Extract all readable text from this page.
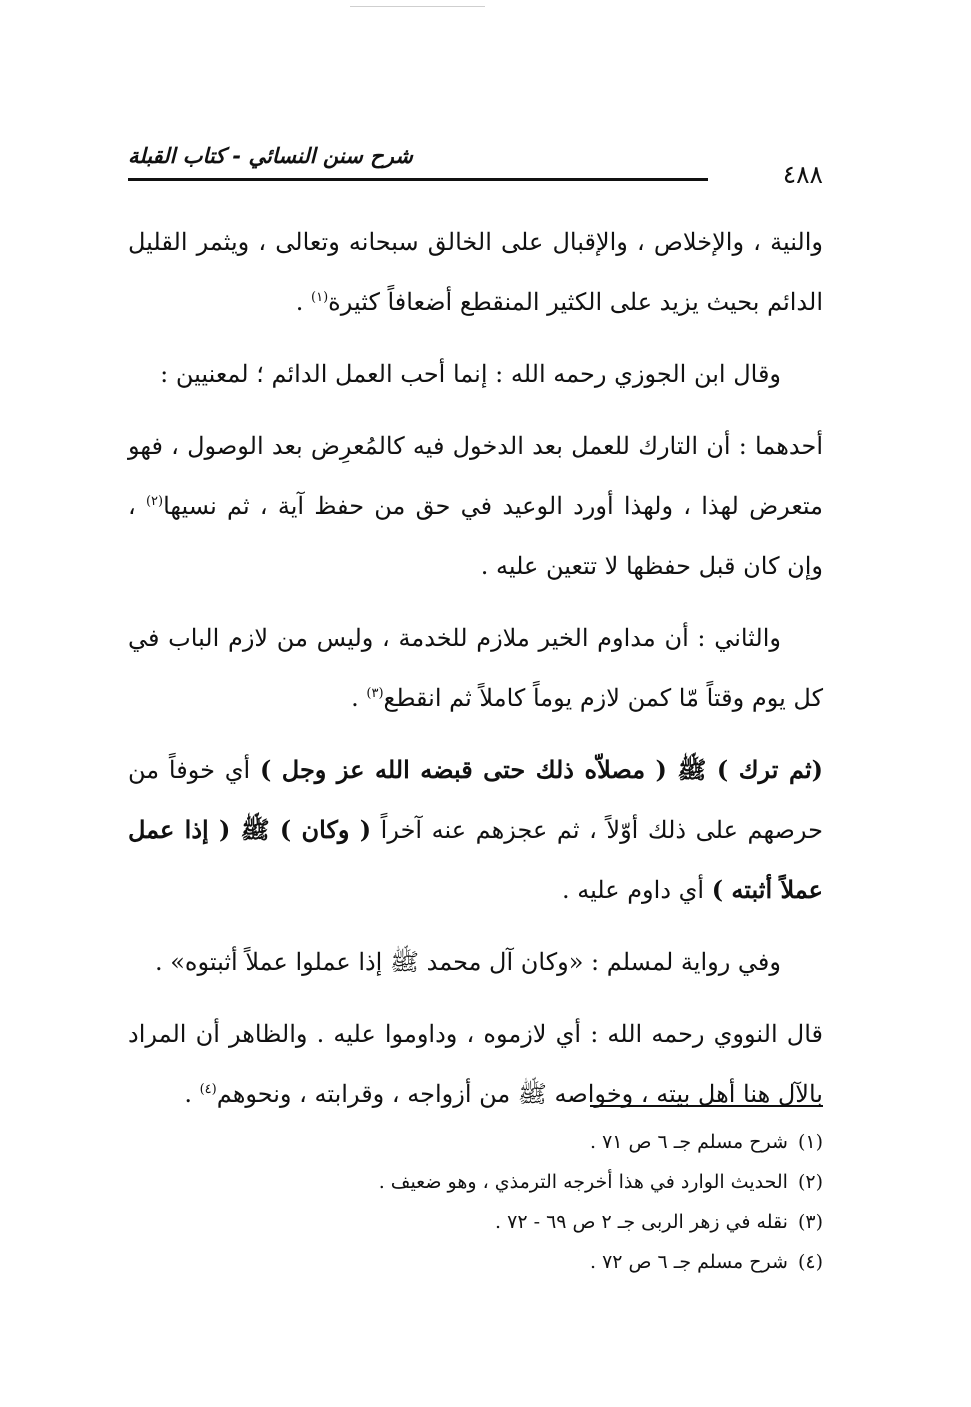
شرح سنن النسائي - كتاب القبلة
٤٨٨

والنية ، والإخلاص ، والإقبال على الخالق سبحانه وتعالى ، ويثمر القليل الدائم بحيث يزيد على الكثير المنقطع أضعافاً كثيرة$^{(١)}$ .

وقال ابن الجوزي رحمه الله : إنما أحب العمل الدائم ؛ لمعنيين :

أحدهما : أن التارك للعمل بعد الدخول فيه كالمُعرِض بعد الوصول ، فهو متعرض لهذا ، ولهذا أورد الوعيد في حق من حفظ آية ، ثم نسيها$^{(٢)}$ ، وإن كان قبل حفظها لا تتعين عليه .

والثاني : أن مداوم الخير ملازم للخدمة ، وليس من لازم الباب في كل يوم وقتاً مّا كمن لازم يوماً كاملاً ثم انقطع$^{(٣)}$ .

(ثم ترك ) ﷺ ( مصلاّه ذلك حتى قبضه الله عز وجل ) أي خوفاً من حرصهم على ذلك أوّلاً ، ثم عجزهم عنه آخراً ( وكان ) ﷺ ( إذا عمل عملاً أثبته ) أي داوم عليه .

وفي رواية لمسلم : «وكان آل محمد ﷺ إذا عملوا عملاً أثبتوه» .

قال النووي رحمه الله : أي لازموه ، وداوموا عليه . والظاهر أن المراد بالآل هنا أهل بيته ، وخواصه ﷺ من أزواجه ، وقرابته ، ونحوهم$^{(٤)}$ .

(١)شرح مسلم جـ ٦ ص ٧١ .
(٢)الحديث الوارد في هذا أخرجه الترمذي ، وهو ضعيف .
(٣)نقله في زهر الربى جـ ٢ ص ٦٩ - ٧٢ .
(٤)شرح مسلم جـ ٦ ص ٧٢ .
